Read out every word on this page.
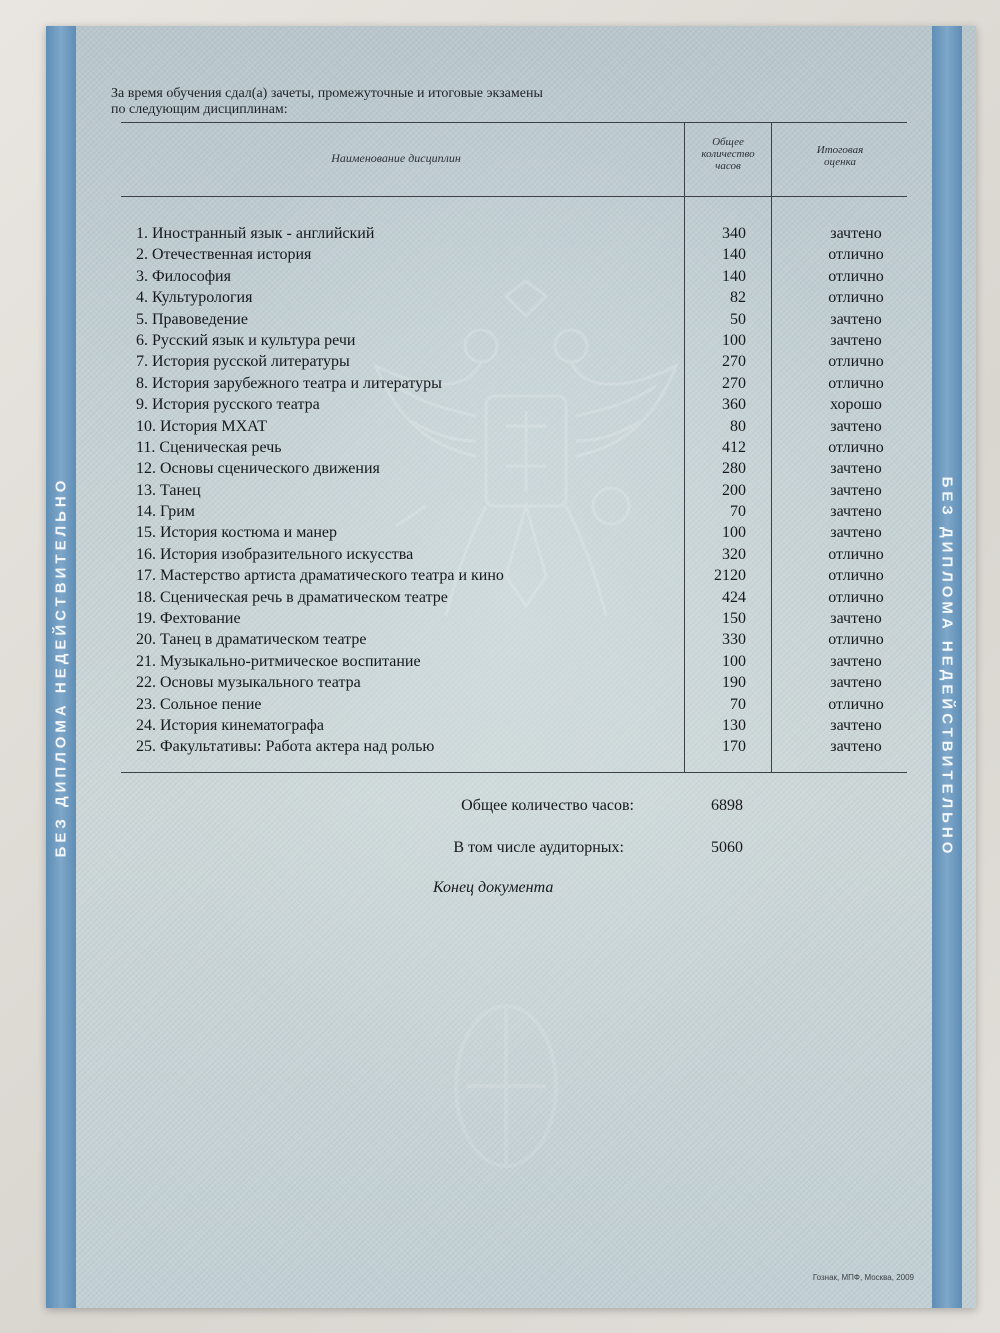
БЕЗ ДИПЛОМА НЕДЕЙСТВИТЕЛЬНО	БЕЗ ДИПЛОМА НЕДЕЙСТВИТЕЛЬНО
За время обучения сдал(а) зачеты, промежуточные и итоговые экзамены
по следующим дисциплинам:
Наименование дисциплин
Общее
количество
часов
Итоговая
оценка
1. Иностранный язык - английский	340	зачтено
2. Отечественная история	140	отлично
3. Философия	140	отлично
4. Культурология	82	отлично
5. Правоведение	50	зачтено
6. Русский язык и культура речи	100	зачтено
7. История русской литературы	270	отлично
8. История зарубежного театра и литературы	270	отлично
9. История русского театра	360	хорошо
10. История МХАТ	80	зачтено
11. Сценическая речь	412	отлично
12. Основы сценического движения	280	зачтено
13. Танец	200	зачтено
14. Грим	70	зачтено
15. История костюма и манер	100	зачтено
16. История изобразительного искусства	320	отлично
17. Мастерство артиста драматического театра и кино	2120	отлично
18. Сценическая речь в драматическом театре	424	отлично
19. Фехтование	150	зачтено
20. Танец в драматическом театре	330	отлично
21. Музыкально-ритмическое воспитание	100	зачтено
22. Основы музыкального театра	190	зачтено
23. Сольное пение	70	отлично
24. История кинематографа	130	зачтено
25. Факультативы: Работа актера над ролью	170	зачтено
Общее количество часов:	6898
В том числе аудиторных:	5060
Конец документа
Гознак, МПФ, Москва, 2009
